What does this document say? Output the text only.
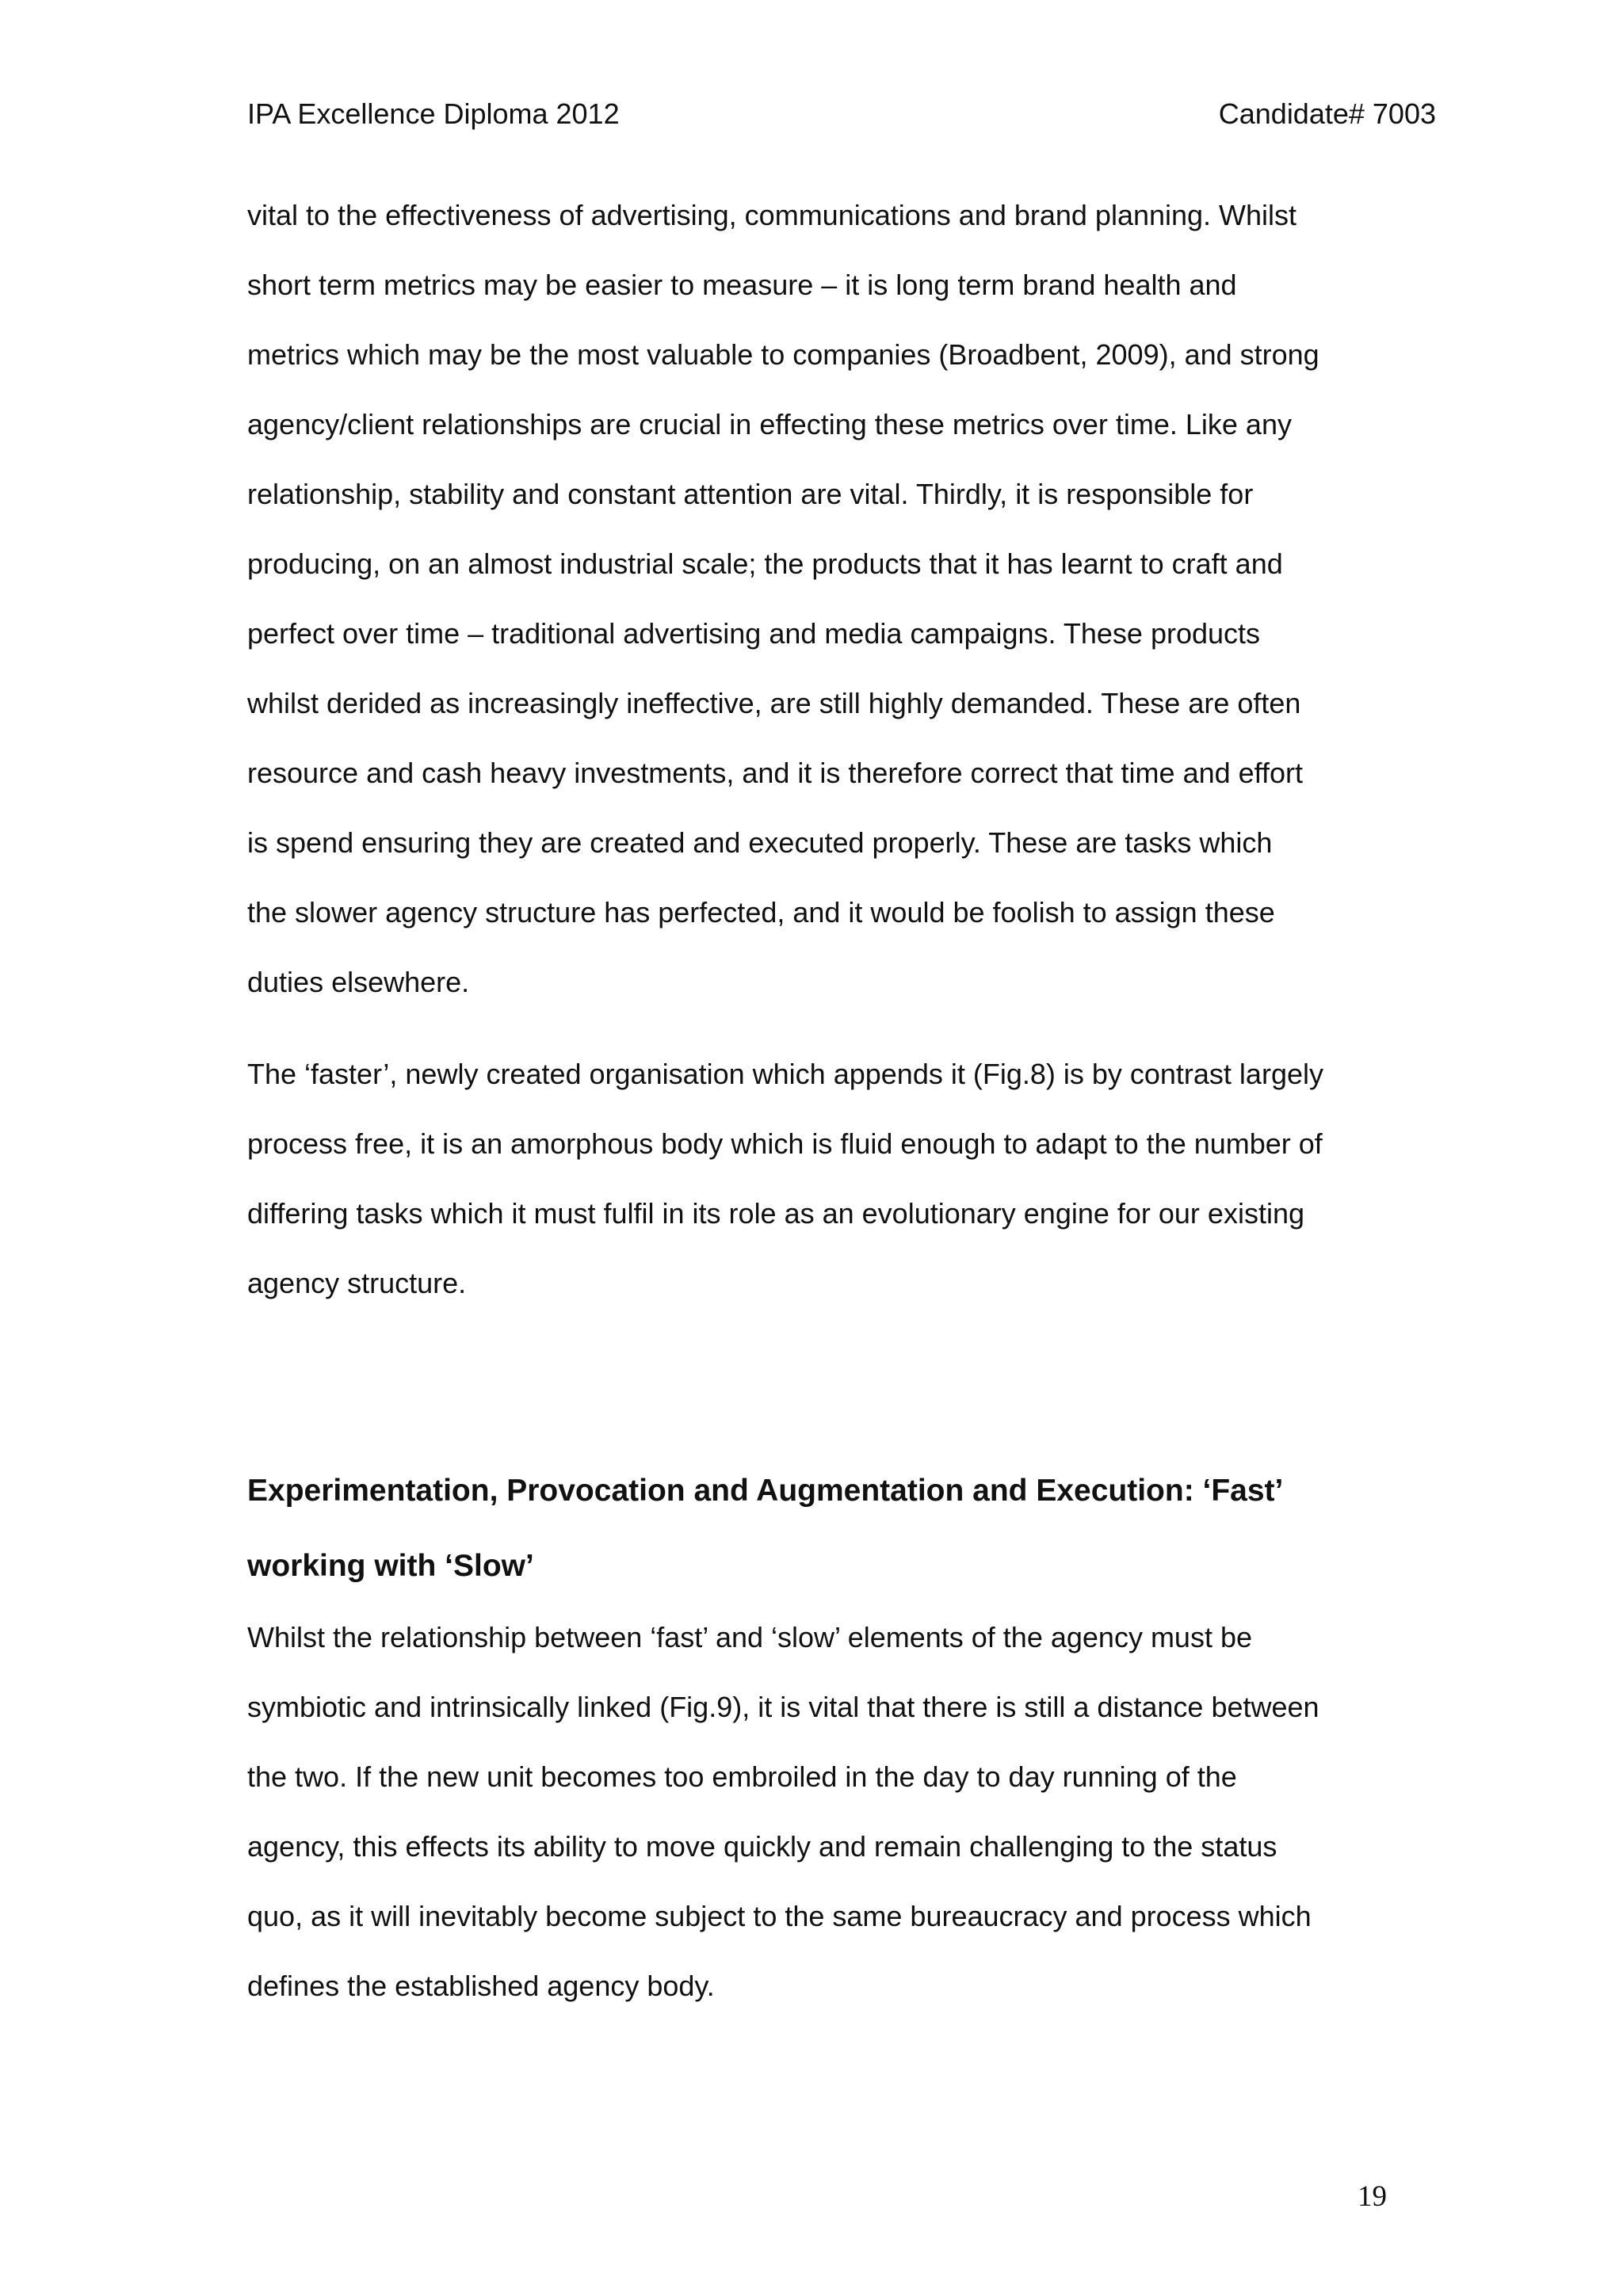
IPA Excellence Diploma 2012	Candidate# 7003

vital to the effectiveness of advertising, communications and brand planning. Whilst
short term metrics may be easier to measure – it is long term brand health and
metrics which may be the most valuable to companies (Broadbent, 2009), and strong
agency/client relationships are crucial in effecting these metrics over time. Like any
relationship, stability and constant attention are vital. Thirdly, it is responsible for
producing, on an almost industrial scale; the products that it has learnt to craft and
perfect over time – traditional advertising and media campaigns. These products
whilst derided as increasingly ineffective, are still highly demanded. These are often
resource and cash heavy investments, and it is therefore correct that time and effort
is spend ensuring they are created and executed properly. These are tasks which
the slower agency structure has perfected, and it would be foolish to assign these
duties elsewhere.

The ‘faster’, newly created organisation which appends it (Fig.8) is by contrast largely
process free, it is an amorphous body which is fluid enough to adapt to the number of
differing tasks which it must fulfil in its role as an evolutionary engine for our existing
agency structure.

Experimentation, Provocation and Augmentation and Execution: ‘Fast’
working with ‘Slow’

Whilst the relationship between ‘fast’ and ‘slow’ elements of the agency must be
symbiotic and intrinsically linked (Fig.9), it is vital that there is still a distance between
the two. If the new unit becomes too embroiled in the day to day running of the
agency, this effects its ability to move quickly and remain challenging to the status
quo, as it will inevitably become subject to the same bureaucracy and process which
defines the established agency body.

19
